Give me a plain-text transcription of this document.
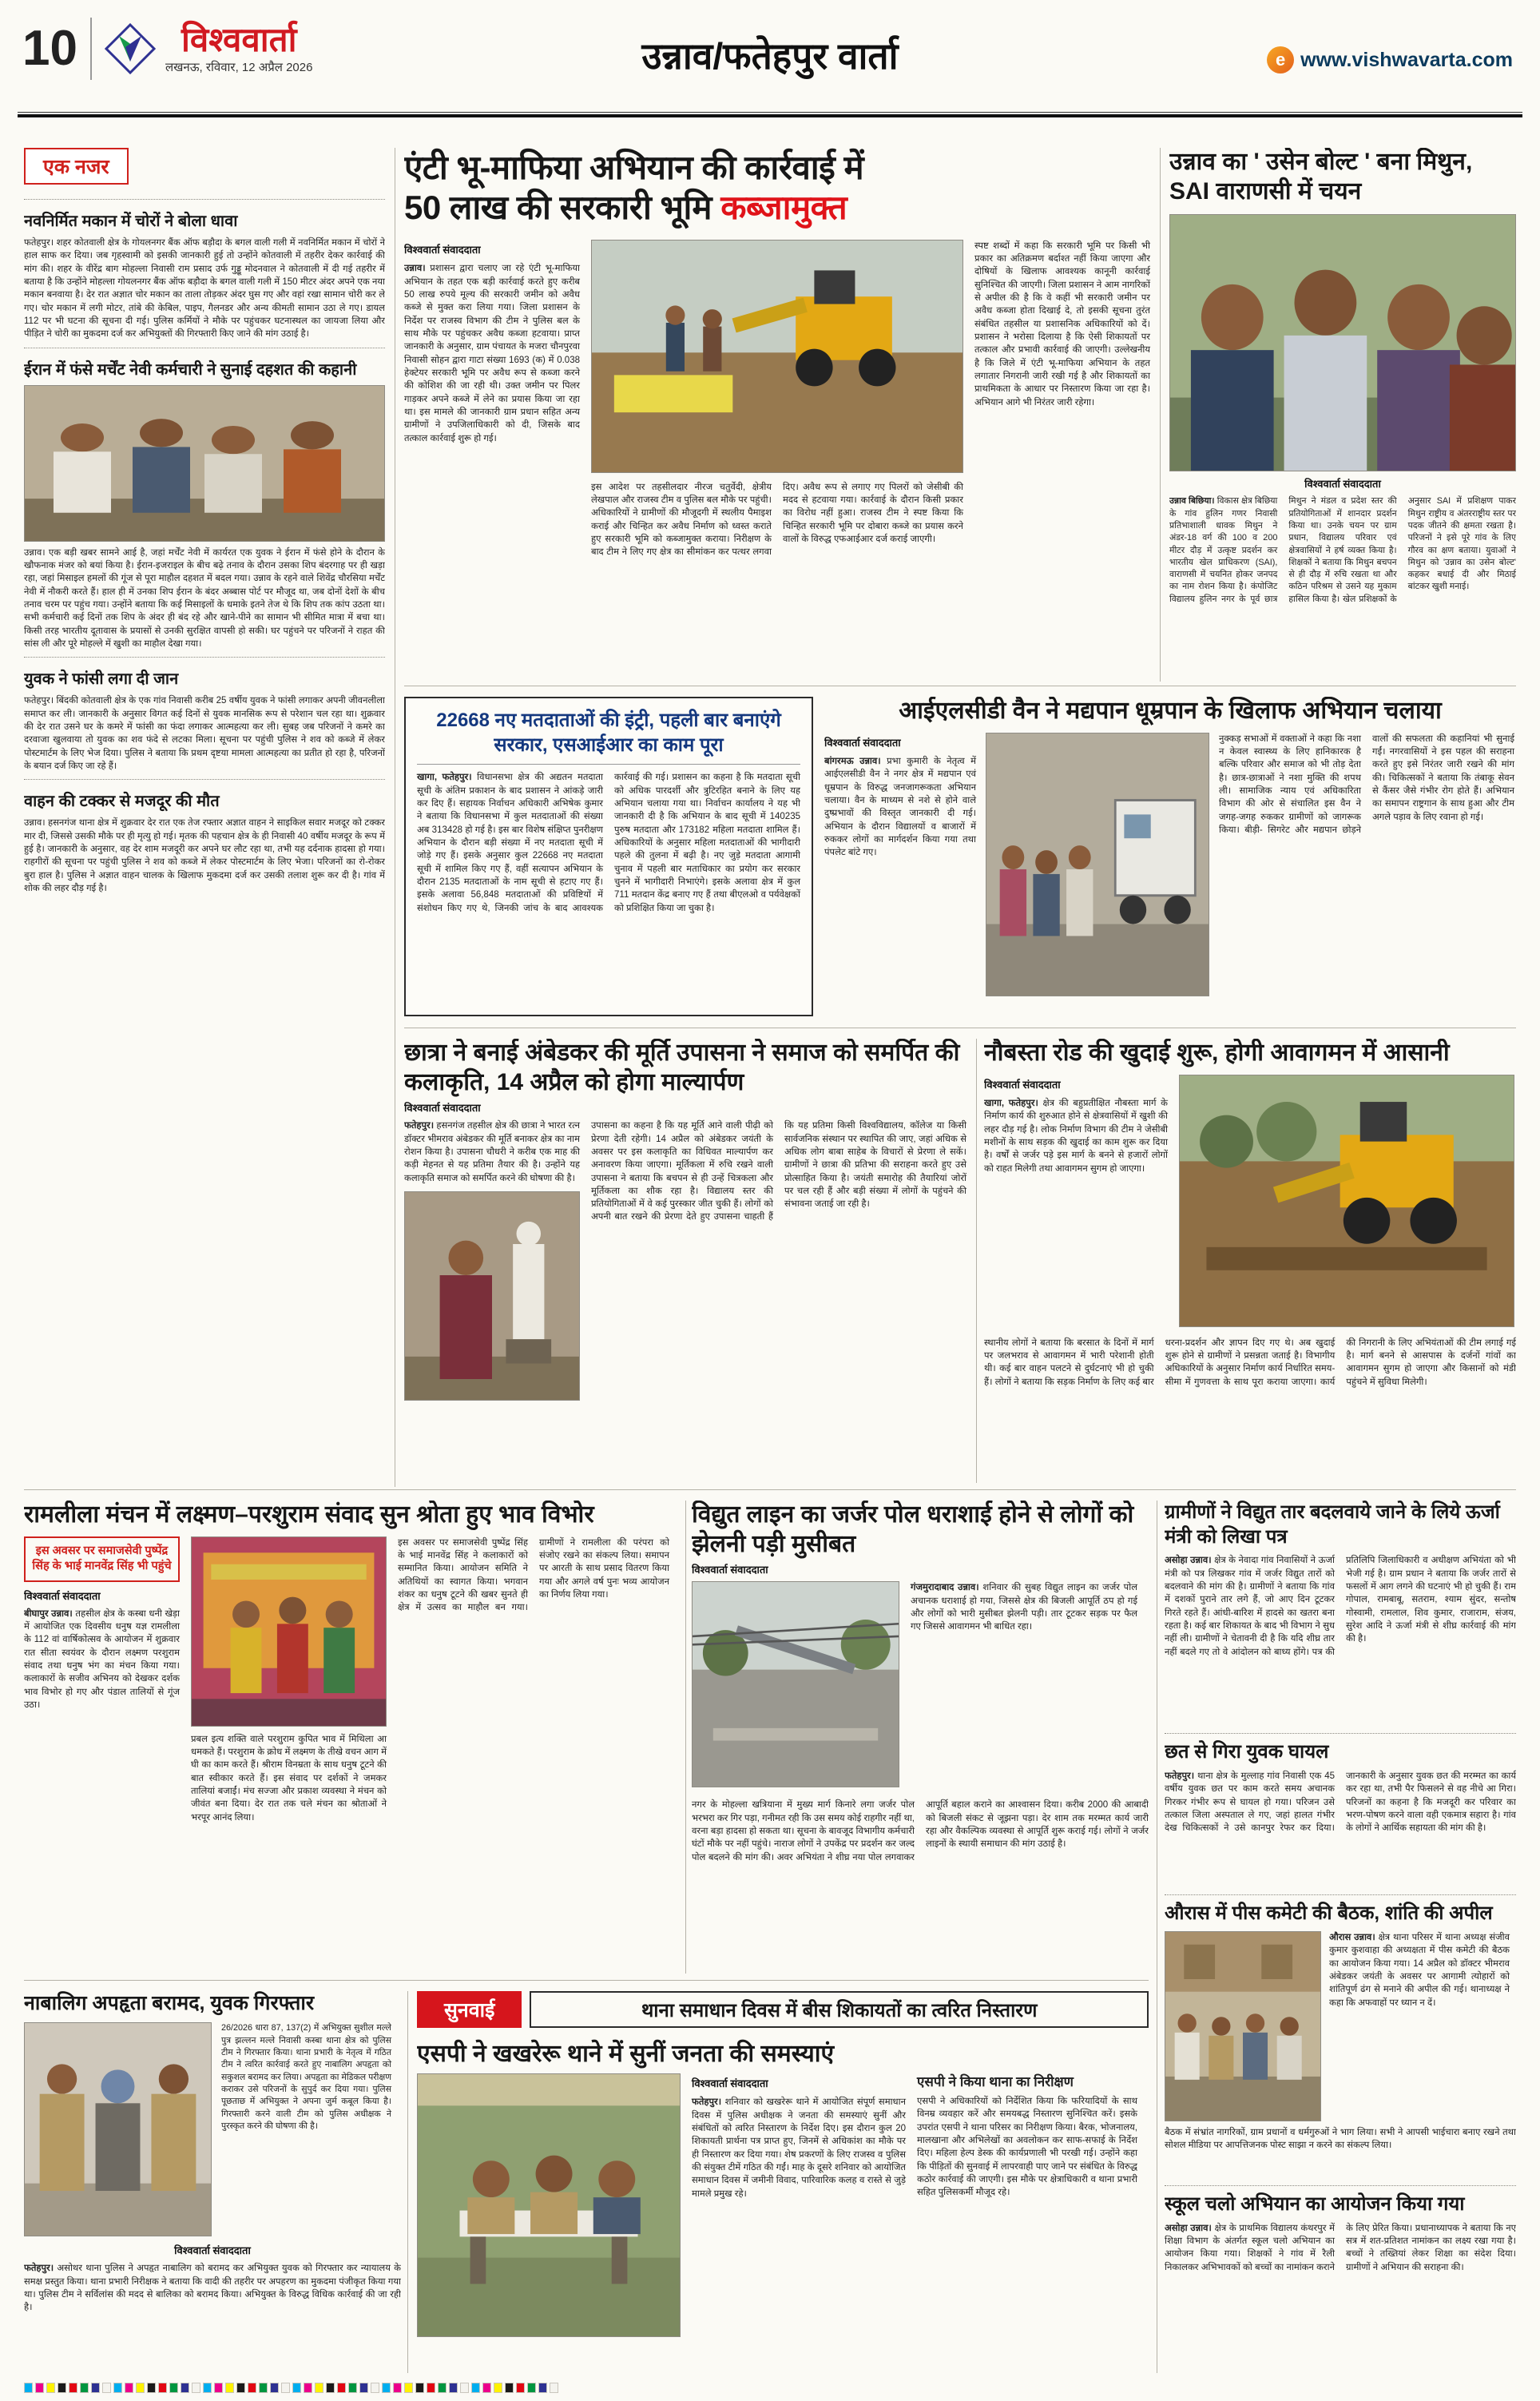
10	विश्ववार्ता
लखनऊ, रविवार, 12 अप्रैल 2026	उन्नाव/फतेहपुर वार्ता	e www.vishwavarta.com
एक नजर
नवनिर्मित मकान में चोरों ने बोला धावा

फतेहपुर। शहर कोतवाली क्षेत्र के गोयलनगर बैंक ऑफ बड़ौदा के बगल वाली गली में नवनिर्मित मकान में चोरों ने हाल साफ कर दिया। जब गृहस्वामी को इसकी जानकारी हुई तो उन्होंने कोतवाली में तहरीर देकर कार्रवाई की मांग की। शहर के वीरेंद्र बाग मोहल्ला निवासी राम प्रसाद उर्फ गुड्डू मोदनवाल ने कोतवाली में दी गई तहरीर में बताया है कि उन्होंने मोहल्ला गोयलनगर बैंक ऑफ बड़ौदा के बगल वाली गली में 150 मीटर अंदर अपने एक नया मकान बनवाया है। देर रात अज्ञात चोर मकान का ताला तोड़कर अंदर घुस गए और वहां रखा सामान चोरी कर ले गए। चोर मकान में लगी मोटर, तांबे की केबिल, पाइप, गैलनडर और अन्य कीमती सामान उठा ले गए। डायल 112 पर भी घटना की सूचना दी गई। पुलिस कर्मियों ने मौके पर पहुंचकर घटनास्थल का जायजा लिया और पीड़ित ने चोरी का मुकदमा दर्ज कर अभियुक्तों की गिरफ्तारी किए जाने की मांग उठाई है।

ईरान में फंसे मर्चेंट नेवी कर्मचारी ने सुनाई दहशत की कहानी

उन्नाव। एक बड़ी खबर सामने आई है, जहां मर्चेंट नेवी में कार्यरत एक युवक ने ईरान में फंसे होने के दौरान के खौफनाक मंजर को बयां किया है। ईरान-इजराइल के बीच बढ़े तनाव के दौरान उसका शिप बंदरगाह पर ही खड़ा रहा, जहां मिसाइल हमलों की गूंज से पूरा माहौल दहशत में बदल गया। उन्नाव के रहने वाले शिवेंद्र चौरसिया मर्चेंट नेवी में नौकरी करते हैं। हाल ही में उनका शिप ईरान के बंदर अब्बास पोर्ट पर मौजूद था, जब दोनों देशों के बीच तनाव चरम पर पहुंच गया। उन्होंने बताया कि कई मिसाइलों के धमाके इतने तेज थे कि शिप तक कांप उठता था। सभी कर्मचारी कई दिनों तक शिप के अंदर ही बंद रहे और खाने-पीने का सामान भी सीमित मात्रा में बचा था। किसी तरह भारतीय दूतावास के प्रयासों से उनकी सुरक्षित वापसी हो सकी। घर पहुंचने पर परिजनों ने राहत की सांस ली और पूरे मोहल्ले में खुशी का माहौल देखा गया।

युवक ने फांसी लगा दी जान

फतेहपुर। बिंदकी कोतवाली क्षेत्र के एक गांव निवासी करीब 25 वर्षीय युवक ने फांसी लगाकर अपनी जीवनलीला समाप्त कर ली। जानकारी के अनुसार विगत कई दिनों से युवक मानसिक रूप से परेशान चल रहा था। शुक्रवार की देर रात उसने घर के कमरे में फांसी का फंदा लगाकर आत्महत्या कर ली। सुबह जब परिजनों ने कमरे का दरवाजा खुलवाया तो युवक का शव फंदे से लटका मिला। सूचना पर पहुंची पुलिस ने शव को कब्जे में लेकर पोस्टमार्टम के लिए भेज दिया। पुलिस ने बताया कि प्रथम दृष्टया मामला आत्महत्या का प्रतीत हो रहा है, परिजनों के बयान दर्ज किए जा रहे हैं।

वाहन की टक्कर से मजदूर की मौत

उन्नाव। हसनगंज थाना क्षेत्र में शुक्रवार देर रात एक तेज रफ्तार अज्ञात वाहन ने साइकिल सवार मजदूर को टक्कर मार दी, जिससे उसकी मौके पर ही मृत्यु हो गई। मृतक की पहचान क्षेत्र के ही निवासी 40 वर्षीय मजदूर के रूप में हुई है। जानकारी के अनुसार, वह देर शाम मजदूरी कर अपने घर लौट रहा था, तभी यह दर्दनाक हादसा हो गया। राहगीरों की सूचना पर पहुंची पुलिस ने शव को कब्जे में लेकर पोस्टमार्टम के लिए भेजा। परिजनों का रो-रोकर बुरा हाल है। पुलिस ने अज्ञात वाहन चालक के खिलाफ मुकदमा दर्ज कर उसकी तलाश शुरू कर दी है। गांव में शोक की लहर दौड़ गई है।

एंटी भू-माफिया अभियान की कार्रवाई में
50 लाख की सरकारी भूमि कब्जामुक्त
विश्ववार्ता संवाददाता

उन्नाव। प्रशासन द्वारा चलाए जा रहे एंटी भू-माफिया अभियान के तहत एक बड़ी कार्रवाई करते हुए करीब 50 लाख रुपये मूल्य की सरकारी जमीन को अवैध कब्जे से मुक्त करा लिया गया। जिला प्रशासन के निर्देश पर राजस्व विभाग की टीम ने पुलिस बल के साथ मौके पर पहुंचकर अवैध कब्जा हटवाया। प्राप्त जानकारी के अनुसार, ग्राम पंचायत के मजरा चौनपुरवा निवासी सोहन द्वारा गाटा संख्या 1693 (क) में 0.038 हेक्टेयर सरकारी भूमि पर अवैध रूप से कब्जा करने की कोशिश की जा रही थी। उक्त जमीन पर पिलर गाड़कर अपने कब्जे में लेने का प्रयास किया जा रहा था। इस मामले की जानकारी ग्राम प्रधान सहित अन्य ग्रामीणों ने उपजिलाधिकारी को दी, जिसके बाद तत्काल कार्रवाई शुरू हो गई।

इस आदेश पर तहसीलदार नीरज चतुर्वेदी, क्षेत्रीय लेखपाल और राजस्व टीम व पुलिस बल मौके पर पहुंची। अधिकारियों ने ग्रामीणों की मौजूदगी में स्थलीय पैमाइश कराई और चिन्हित कर अवैध निर्माण को ध्वस्त कराते हुए सरकारी भूमि को कब्जामुक्त कराया। निरीक्षण के बाद टीम ने लिए गए क्षेत्र का सीमांकन कर पत्थर लगवा दिए। अवैध रूप से लगाए गए पिलरों को जेसीबी की मदद से हटवाया गया। कार्रवाई के दौरान किसी प्रकार का विरोध नहीं हुआ। राजस्व टीम ने स्पष्ट किया कि चिन्हित सरकारी भूमि पर दोबारा कब्जे का प्रयास करने वालों के विरुद्ध एफआईआर दर्ज कराई जाएगी।
स्पष्ट शब्दों में कहा कि सरकारी भूमि पर किसी भी प्रकार का अतिक्रमण बर्दाश्त नहीं किया जाएगा और दोषियों के खिलाफ आवश्यक कानूनी कार्रवाई सुनिश्चित की जाएगी। जिला प्रशासन ने आम नागरिकों से अपील की है कि वे कहीं भी सरकारी जमीन पर अवैध कब्जा होता दिखाई दे, तो इसकी सूचना तुरंत संबंधित तहसील या प्रशासनिक अधिकारियों को दें। प्रशासन ने भरोसा दिलाया है कि ऐसी शिकायतों पर तत्काल और प्रभावी कार्रवाई की जाएगी। उल्लेखनीय है कि जिले में एंटी भू-माफिया अभियान के तहत लगातार निगरानी जारी रखी गई है और शिकायतों का प्राथमिकता के आधार पर निस्तारण किया जा रहा है। अभियान आगे भी निरंतर जारी रहेगा।
उन्नाव का ' उसेन बोल्ट ' बना मिथुन, SAI वाराणसी में चयन
विश्ववार्ता संवाददाता
उन्नाव बिछिया। विकास क्षेत्र बिछिया के गांव हुलिन गणर निवासी प्रतिभाशाली धावक मिथुन ने अंडर-18 वर्ग की 100 व 200 मीटर दौड़ में उत्कृष्ट प्रदर्शन कर भारतीय खेल प्राधिकरण (SAI), वाराणसी में चयनित होकर जनपद का नाम रोशन किया है। कंपोजिट विद्यालय हुलिन नगर के पूर्व छात्र मिथुन ने मंडल व प्रदेश स्तर की प्रतियोगिताओं में शानदार प्रदर्शन किया था। उनके चयन पर ग्राम प्रधान, विद्यालय परिवार एवं क्षेत्रवासियों ने हर्ष व्यक्त किया है। शिक्षकों ने बताया कि मिथुन बचपन से ही दौड़ में रुचि रखता था और कठिन परिश्रम से उसने यह मुकाम हासिल किया है। खेल प्रशिक्षकों के अनुसार SAI में प्रशिक्षण पाकर मिथुन राष्ट्रीय व अंतरराष्ट्रीय स्तर पर पदक जीतने की क्षमता रखता है। परिजनों ने इसे पूरे गांव के लिए गौरव का क्षण बताया। युवाओं ने मिथुन को 'उन्नाव का उसेन बोल्ट' कहकर बधाई दी और मिठाई बांटकर खुशी मनाई।
22668 नए मतदाताओं की इंट्री, पहली बार बनाएंगे सरकार, एसआईआर का काम पूरा
खागा, फतेहपुर। विधानसभा क्षेत्र की अद्यतन मतदाता सूची के अंतिम प्रकाशन के बाद प्रशासन ने आंकड़े जारी कर दिए हैं। सहायक निर्वाचन अधिकारी अभिषेक कुमार ने बताया कि विधानसभा में कुल मतदाताओं की संख्या अब 313428 हो गई है। इस बार विशेष संक्षिप्त पुनरीक्षण अभियान के दौरान बड़ी संख्या में नए मतदाता सूची में जोड़े गए हैं। इसके अनुसार कुल 22668 नए मतदाता सूची में शामिल किए गए हैं, वहीं सत्यापन अभियान के दौरान 2135 मतदाताओं के नाम सूची से हटाए गए हैं। इसके अलावा 56,848 मतदाताओं की प्रविष्टियों में संशोधन किए गए थे, जिनकी जांच के बाद आवश्यक कार्रवाई की गई। प्रशासन का कहना है कि मतदाता सूची को अधिक पारदर्शी और त्रुटिरहित बनाने के लिए यह अभियान चलाया गया था। निर्वाचन कार्यालय ने यह भी जानकारी दी है कि अभियान के बाद सूची में 140235 पुरुष मतदाता और 173182 महिला मतदाता शामिल हैं। अधिकारियों के अनुसार महिला मतदाताओं की भागीदारी पहले की तुलना में बढ़ी है। नए जुड़े मतदाता आगामी चुनाव में पहली बार मताधिकार का प्रयोग कर सरकार चुनने में भागीदारी निभाएंगे। इसके अलावा क्षेत्र में कुल 711 मतदान केंद्र बनाए गए हैं तथा बीएलओ व पर्यवेक्षकों को प्रशिक्षित किया जा चुका है।
आईएलसीडी वैन ने मद्यपान धूम्रपान के खिलाफ अभियान चलाया
विश्ववार्ता संवाददाता

बांगरमऊ उन्नाव। प्रभा कुमारी के नेतृत्व में आईएलसीडी वैन ने नगर क्षेत्र में मद्यपान एवं धूम्रपान के विरुद्ध जनजागरूकता अभियान चलाया। वैन के माध्यम से नशे से होने वाले दुष्प्रभावों की विस्तृत जानकारी दी गई। अभियान के दौरान विद्यालयों व बाजारों में रुककर लोगों का मार्गदर्शन किया गया तथा पंपलेट बांटे गए।

नुक्कड़ सभाओं में वक्ताओं ने कहा कि नशा न केवल स्वास्थ्य के लिए हानिकारक है बल्कि परिवार और समाज को भी तोड़ देता है। छात्र-छात्राओं ने नशा मुक्ति की शपथ ली। सामाजिक न्याय एवं अधिकारिता विभाग की ओर से संचालित इस वैन ने जगह-जगह रुककर ग्रामीणों को जागरूक किया। बीड़ी- सिगरेट और मद्यपान छोड़ने वालों की सफलता की कहानियां भी सुनाई गईं। नगरवासियों ने इस पहल की सराहना करते हुए इसे निरंतर जारी रखने की मांग की। चिकित्सकों ने बताया कि तंबाकू सेवन से कैंसर जैसे गंभीर रोग होते हैं। अभियान का समापन राष्ट्रगान के साथ हुआ और टीम अगले पड़ाव के लिए रवाना हो गई।
छात्रा ने बनाई अंबेडकर की मूर्ति उपासना ने समाज को समर्पित की कलाकृति, 14 अप्रैल को होगा माल्यार्पण
विश्ववार्ता संवाददाता

फतेहपुर। हसनगंज तहसील क्षेत्र की छात्रा ने भारत रत्न डॉक्टर भीमराव अंबेडकर की मूर्ति बनाकर क्षेत्र का नाम रोशन किया है। उपासना चौधरी ने करीब एक माह की कड़ी मेहनत से यह प्रतिमा तैयार की है। उन्होंने यह कलाकृति समाज को समर्पित करने की घोषणा की है।

उपासना का कहना है कि यह मूर्ति आने वाली पीढ़ी को प्रेरणा देती रहेगी। 14 अप्रैल को अंबेडकर जयंती के अवसर पर इस कलाकृति का विधिवत माल्यार्पण कर अनावरण किया जाएगा। मूर्तिकला में रुचि रखने वाली उपासना ने बताया कि बचपन से ही उन्हें चित्रकला और मूर्तिकला का शौक रहा है। विद्यालय स्तर की प्रतियोगिताओं में वे कई पुरस्कार जीत चुकी हैं। लोगों को अपनी बात रखने की प्रेरणा देते हुए उपासना चाहती हैं कि यह प्रतिमा किसी विश्वविद्यालय, कॉलेज या किसी सार्वजनिक संस्थान पर स्थापित की जाए, जहां अधिक से अधिक लोग बाबा साहेब के विचारों से प्रेरणा ले सकें। ग्रामीणों ने छात्रा की प्रतिभा की सराहना करते हुए उसे प्रोत्साहित किया है। जयंती समारोह की तैयारियां जोरों पर चल रही हैं और बड़ी संख्या में लोगों के पहुंचने की संभावना जताई जा रही है।
नौबस्ता रोड की खुदाई शुरू, होगी आवागमन में आसानी
विश्ववार्ता संवाददाता

खागा, फतेहपुर। क्षेत्र की बहुप्रतीक्षित नौबस्ता मार्ग के निर्माण कार्य की शुरुआत होने से क्षेत्रवासियों में खुशी की लहर दौड़ गई है। लोक निर्माण विभाग की टीम ने जेसीबी मशीनों के साथ सड़क की खुदाई का काम शुरू कर दिया है। वर्षों से जर्जर पड़े इस मार्ग के बनने से हजारों लोगों को राहत मिलेगी तथा आवागमन सुगम हो जाएगा।

स्थानीय लोगों ने बताया कि बरसात के दिनों में मार्ग पर जलभराव से आवागमन में भारी परेशानी होती थी। कई बार वाहन पलटने से दुर्घटनाएं भी हो चुकी हैं। लोगों ने बताया कि सड़क निर्माण के लिए कई बार धरना-प्रदर्शन और ज्ञापन दिए गए थे। अब खुदाई शुरू होने से ग्रामीणों ने प्रसन्नता जताई है। विभागीय अधिकारियों के अनुसार निर्माण कार्य निर्धारित समय-सीमा में गुणवत्ता के साथ पूरा कराया जाएगा। कार्य की निगरानी के लिए अभियंताओं की टीम लगाई गई है। मार्ग बनने से आसपास के दर्जनों गांवों का आवागमन सुगम हो जाएगा और किसानों को मंडी पहुंचने में सुविधा मिलेगी।
रामलीला मंचन में लक्ष्मण–परशुराम संवाद सुन श्रोता हुए भाव विभोर
इस अवसर पर समाजसेवी पुष्पेंद्र सिंह के भाई मानवेंद्र सिंह भी पहुंचे
विश्ववार्ता संवाददाता

बीघापुर उन्नाव। तहसील क्षेत्र के कस्बा धनी खेड़ा में आयोजित एक दिवसीय धनुष यज्ञ रामलीला के 112 वां वार्षिकोत्सव के आयोजन में शुक्रवार रात सीता स्वयंवर के दौरान लक्ष्मण परशुराम संवाद तथा धनुष भंग का मंचन किया गया। कलाकारों के सजीव अभिनय को देखकर दर्शक भाव विभोर हो गए और पंडाल तालियों से गूंज उठा।

प्रबल इत्य शक्ति वाले परशुराम कुपित भाव में मिथिला आ धमकते हैं। परशुराम के क्रोध में लक्ष्मण के तीखे वचन आग में घी का काम करते हैं। श्रीराम विनम्रता के साथ धनुष टूटने की बात स्वीकार करते हैं। इस संवाद पर दर्शकों ने जमकर तालियां बजाईं। मंच सज्जा और प्रकाश व्यवस्था ने मंचन को जीवंत बना दिया। देर रात तक चले मंचन का श्रोताओं ने भरपूर आनंद लिया।

इस अवसर पर समाजसेवी पुष्पेंद्र सिंह के भाई मानवेंद्र सिंह ने कलाकारों को सम्मानित किया। आयोजन समिति ने अतिथियों का स्वागत किया। भगवान शंकर का धनुष टूटने की खबर सुनते ही क्षेत्र में उत्सव का माहौल बन गया। ग्रामीणों ने रामलीला की परंपरा को संजोए रखने का संकल्प लिया। समापन पर आरती के साथ प्रसाद वितरण किया गया और अगले वर्ष पुनः भव्य आयोजन का निर्णय लिया गया।
विद्युत लाइन का जर्जर पोल धराशाई होने से लोगों को झेलनी पड़ी मुसीबत
विश्ववार्ता संवाददाता

गंजमुरादाबाद उन्नाव। शनिवार की सुबह विद्युत लाइन का जर्जर पोल अचानक धराशाई हो गया, जिससे क्षेत्र की बिजली आपूर्ति ठप हो गई और लोगों को भारी मुसीबत झेलनी पड़ी। तार टूटकर सड़क पर फैल गए जिससे आवागमन भी बाधित रहा।

नगर के मोहल्ला खत्रियाना में मुख्य मार्ग किनारे लगा जर्जर पोल भरभरा कर गिर पड़ा, गनीमत रही कि उस समय कोई राहगीर नहीं था, वरना बड़ा हादसा हो सकता था। सूचना के बावजूद विभागीय कर्मचारी घंटों मौके पर नहीं पहुंचे। नाराज लोगों ने उपकेंद्र पर प्रदर्शन कर जल्द पोल बदलने की मांग की। अवर अभियंता ने शीघ्र नया पोल लगवाकर आपूर्ति बहाल कराने का आश्वासन दिया। करीब 2000 की आबादी को बिजली संकट से जूझना पड़ा। देर शाम तक मरम्मत कार्य जारी रहा और वैकल्पिक व्यवस्था से आपूर्ति शुरू कराई गई। लोगों ने जर्जर लाइनों के स्थायी समाधान की मांग उठाई है।
ग्रामीणों ने विद्युत तार बदलवाये जाने के लिये ऊर्जा मंत्री को लिखा पत्र
असोहा उन्नाव। क्षेत्र के नेवादा गांव निवासियों ने ऊर्जा मंत्री को पत्र लिखकर गांव में जर्जर विद्युत तारों को बदलवाने की मांग की है। ग्रामीणों ने बताया कि गांव में दशकों पुराने तार लगे हैं, जो आए दिन टूटकर गिरते रहते हैं। आंधी-बारिश में हादसे का खतरा बना रहता है। कई बार शिकायत के बाद भी विभाग ने सुध नहीं ली। ग्रामीणों ने चेतावनी दी है कि यदि शीघ्र तार नहीं बदले गए तो वे आंदोलन को बाध्य होंगे। पत्र की प्रतिलिपि जिलाधिकारी व अधीक्षण अभियंता को भी भेजी गई है। ग्राम प्रधान ने बताया कि जर्जर तारों से फसलों में आग लगने की घटनाएं भी हो चुकी हैं। राम गोपाल, रामबाबू, सतराम, श्याम सुंदर, सन्तोष गोस्वामी, रामलाल, शिव कुमार, राजाराम, संजय, सुरेश आदि ने ऊर्जा मंत्री से शीघ्र कार्रवाई की मांग की है।
छत से गिरा युवक घायल
फतेहपुर। थाना क्षेत्र के मुल्लाह गांव निवासी एक 45 वर्षीय युवक छत पर काम करते समय अचानक गिरकर गंभीर रूप से घायल हो गया। परिजन उसे तत्काल जिला अस्पताल ले गए, जहां हालत गंभीर देख चिकित्सकों ने उसे कानपुर रेफर कर दिया। जानकारी के अनुसार युवक छत की मरम्मत का कार्य कर रहा था, तभी पैर फिसलने से वह नीचे आ गिरा। परिजनों का कहना है कि मजदूरी कर परिवार का भरण-पोषण करने वाला वही एकमात्र सहारा है। गांव के लोगों ने आर्थिक सहायता की मांग की है।
औरास में पीस कमेटी की बैठक, शांति की अपील
औरास उन्नाव। क्षेत्र थाना परिसर में थाना अध्यक्ष संजीव कुमार कुशवाहा की अध्यक्षता में पीस कमेटी की बैठक का आयोजन किया गया। 14 अप्रैल को डॉक्टर भीमराव अंबेडकर जयंती के अवसर पर आगामी त्योहारों को शांतिपूर्ण ढंग से मनाने की अपील की गई। थानाध्यक्ष ने कहा कि अफवाहों पर ध्यान न दें।
बैठक में संभ्रांत नागरिकों, ग्राम प्रधानों व धर्मगुरुओं ने भाग लिया। सभी ने आपसी भाईचारा बनाए रखने तथा सोशल मीडिया पर आपत्तिजनक पोस्ट साझा न करने का संकल्प लिया।
स्कूल चलो अभियान का आयोजन किया गया
असोहा उन्नाव। क्षेत्र के प्राथमिक विद्यालय कंथरपुर में शिक्षा विभाग के अंतर्गत स्कूल चलो अभियान का आयोजन किया गया। शिक्षकों ने गांव में रैली निकालकर अभिभावकों को बच्चों का नामांकन कराने के लिए प्रेरित किया। प्रधानाध्यापक ने बताया कि नए सत्र में शत-प्रतिशत नामांकन का लक्ष्य रखा गया है। बच्चों ने तख्तियां लेकर शिक्षा का संदेश दिया। ग्रामीणों ने अभियान की सराहना की।
नाबालिग अपहृता बरामद, युवक गिरफ्तार
26/2026 धारा 87, 137(2) में अभियुक्त सुशील मल्ले पुत्र झल्लन मल्ले निवासी कस्बा थाना क्षेत्र को पुलिस टीम ने गिरफ्तार किया। थाना प्रभारी के नेतृत्व में गठित टीम ने त्वरित कार्रवाई करते हुए नाबालिग अपहृता को सकुशल बरामद कर लिया। अपहृता का मेडिकल परीक्षण कराकर उसे परिजनों के सुपुर्द कर दिया गया। पुलिस पूछताछ में अभियुक्त ने अपना जुर्म कबूल किया है। गिरफ्तारी करने वाली टीम को पुलिस अधीक्षक ने पुरस्कृत करने की घोषणा की है।
विश्ववार्ता संवाददाता
फतेहपुर। असोथर थाना पुलिस ने अपहृत नाबालिग को बरामद कर अभियुक्त युवक को गिरफ्तार कर न्यायालय के समक्ष प्रस्तुत किया। थाना प्रभारी निरीक्षक ने बताया कि वादी की तहरीर पर अपहरण का मुकदमा पंजीकृत किया गया था। पुलिस टीम ने सर्विलांस की मदद से बालिका को बरामद किया। अभियुक्त के विरुद्ध विधिक कार्रवाई की जा रही है।
सुनवाई	थाना समाधान दिवस में बीस शिकायतों का त्वरित निस्तारण
एसपी ने खखरेरू थाने में सुनीं जनता की समस्याएं
विश्ववार्ता संवाददाता

फतेहपुर। शनिवार को खखरेरू थाने में आयोजित संपूर्ण समाधान दिवस में पुलिस अधीक्षक ने जनता की समस्याएं सुनीं और संबंधितों को त्वरित निस्तारण के निर्देश दिए। इस दौरान कुल 20 शिकायती प्रार्थना पत्र प्राप्त हुए, जिनमें से अधिकांश का मौके पर ही निस्तारण कर दिया गया। शेष प्रकरणों के लिए राजस्व व पुलिस की संयुक्त टीमें गठित की गईं। माह के दूसरे शनिवार को आयोजित समाधान दिवस में जमीनी विवाद, पारिवारिक कलह व रास्ते से जुड़े मामले प्रमुख रहे।

एसपी ने किया थाना का निरीक्षण

एसपी ने अधिकारियों को निर्देशित किया कि फरियादियों के साथ विनम्र व्यवहार करें और समयबद्ध निस्तारण सुनिश्चित करें। इसके उपरांत एसपी ने थाना परिसर का निरीक्षण किया। बैरक, भोजनालय, मालखाना और अभिलेखों का अवलोकन कर साफ-सफाई के निर्देश दिए। महिला हेल्प डेस्क की कार्यप्रणाली भी परखी गई। उन्होंने कहा कि पीड़ितों की सुनवाई में लापरवाही पाए जाने पर संबंधित के विरुद्ध कठोर कार्रवाई की जाएगी। इस मौके पर क्षेत्राधिकारी व थाना प्रभारी सहित पुलिसकर्मी मौजूद रहे।
